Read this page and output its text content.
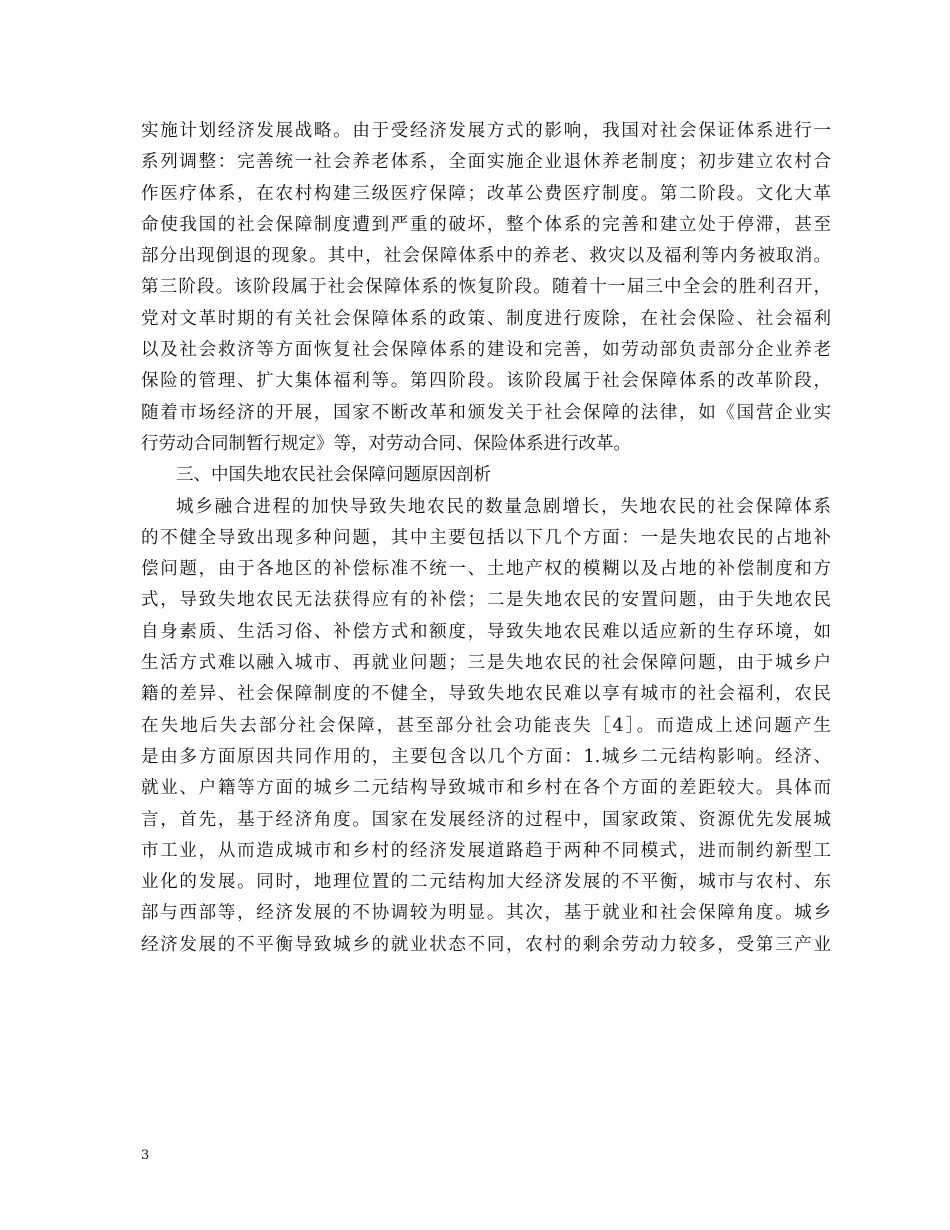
实施计划经济发展战略。由于受经济发展方式的影响，我国对社会保证体系进行一
系列调整：完善统一社会养老体系，全面实施企业退休养老制度；初步建立农村合
作医疗体系，在农村构建三级医疗保障；改革公费医疗制度。第二阶段。文化大革
命使我国的社会保障制度遭到严重的破坏，整个体系的完善和建立处于停滞，甚至
部分出现倒退的现象。其中，社会保障体系中的养老、救灾以及福利等内务被取消。
第三阶段。该阶段属于社会保障体系的恢复阶段。随着十一届三中全会的胜利召开，
党对文革时期的有关社会保障体系的政策、制度进行废除，在社会保险、社会福利
以及社会救济等方面恢复社会保障体系的建设和完善，如劳动部负责部分企业养老
保险的管理、扩大集体福利等。第四阶段。该阶段属于社会保障体系的改革阶段，
随着市场经济的开展，国家不断改革和颁发关于社会保障的法律，如《国营企业实
行劳动合同制暂行规定》等，对劳动合同、保险体系进行改革。
三、中国失地农民社会保障问题原因剖析
城乡融合进程的加快导致失地农民的数量急剧增长，失地农民的社会保障体系
的不健全导致出现多种问题，其中主要包括以下几个方面：一是失地农民的占地补
偿问题，由于各地区的补偿标准不统一、土地产权的模糊以及占地的补偿制度和方
式，导致失地农民无法获得应有的补偿；二是失地农民的安置问题，由于失地农民
自身素质、生活习俗、补偿方式和额度，导致失地农民难以适应新的生存环境，如
生活方式难以融入城市、再就业问题；三是失地农民的社会保障问题，由于城乡户
籍的差异、社会保障制度的不健全，导致失地农民难以享有城市的社会福利，农民
在失地后失去部分社会保障，甚至部分社会功能丧失［4］。而造成上述问题产生
是由多方面原因共同作用的，主要包含以几个方面：1.城乡二元结构影响。经济、
就业、户籍等方面的城乡二元结构导致城市和乡村在各个方面的差距较大。具体而
言，首先，基于经济角度。国家在发展经济的过程中，国家政策、资源优先发展城
市工业，从而造成城市和乡村的经济发展道路趋于两种不同模式，进而制约新型工
业化的发展。同时，地理位置的二元结构加大经济发展的不平衡，城市与农村、东
部与西部等，经济发展的不协调较为明显。其次，基于就业和社会保障角度。城乡
经济发展的不平衡导致城乡的就业状态不同，农村的剩余劳动力较多，受第三产业
3
